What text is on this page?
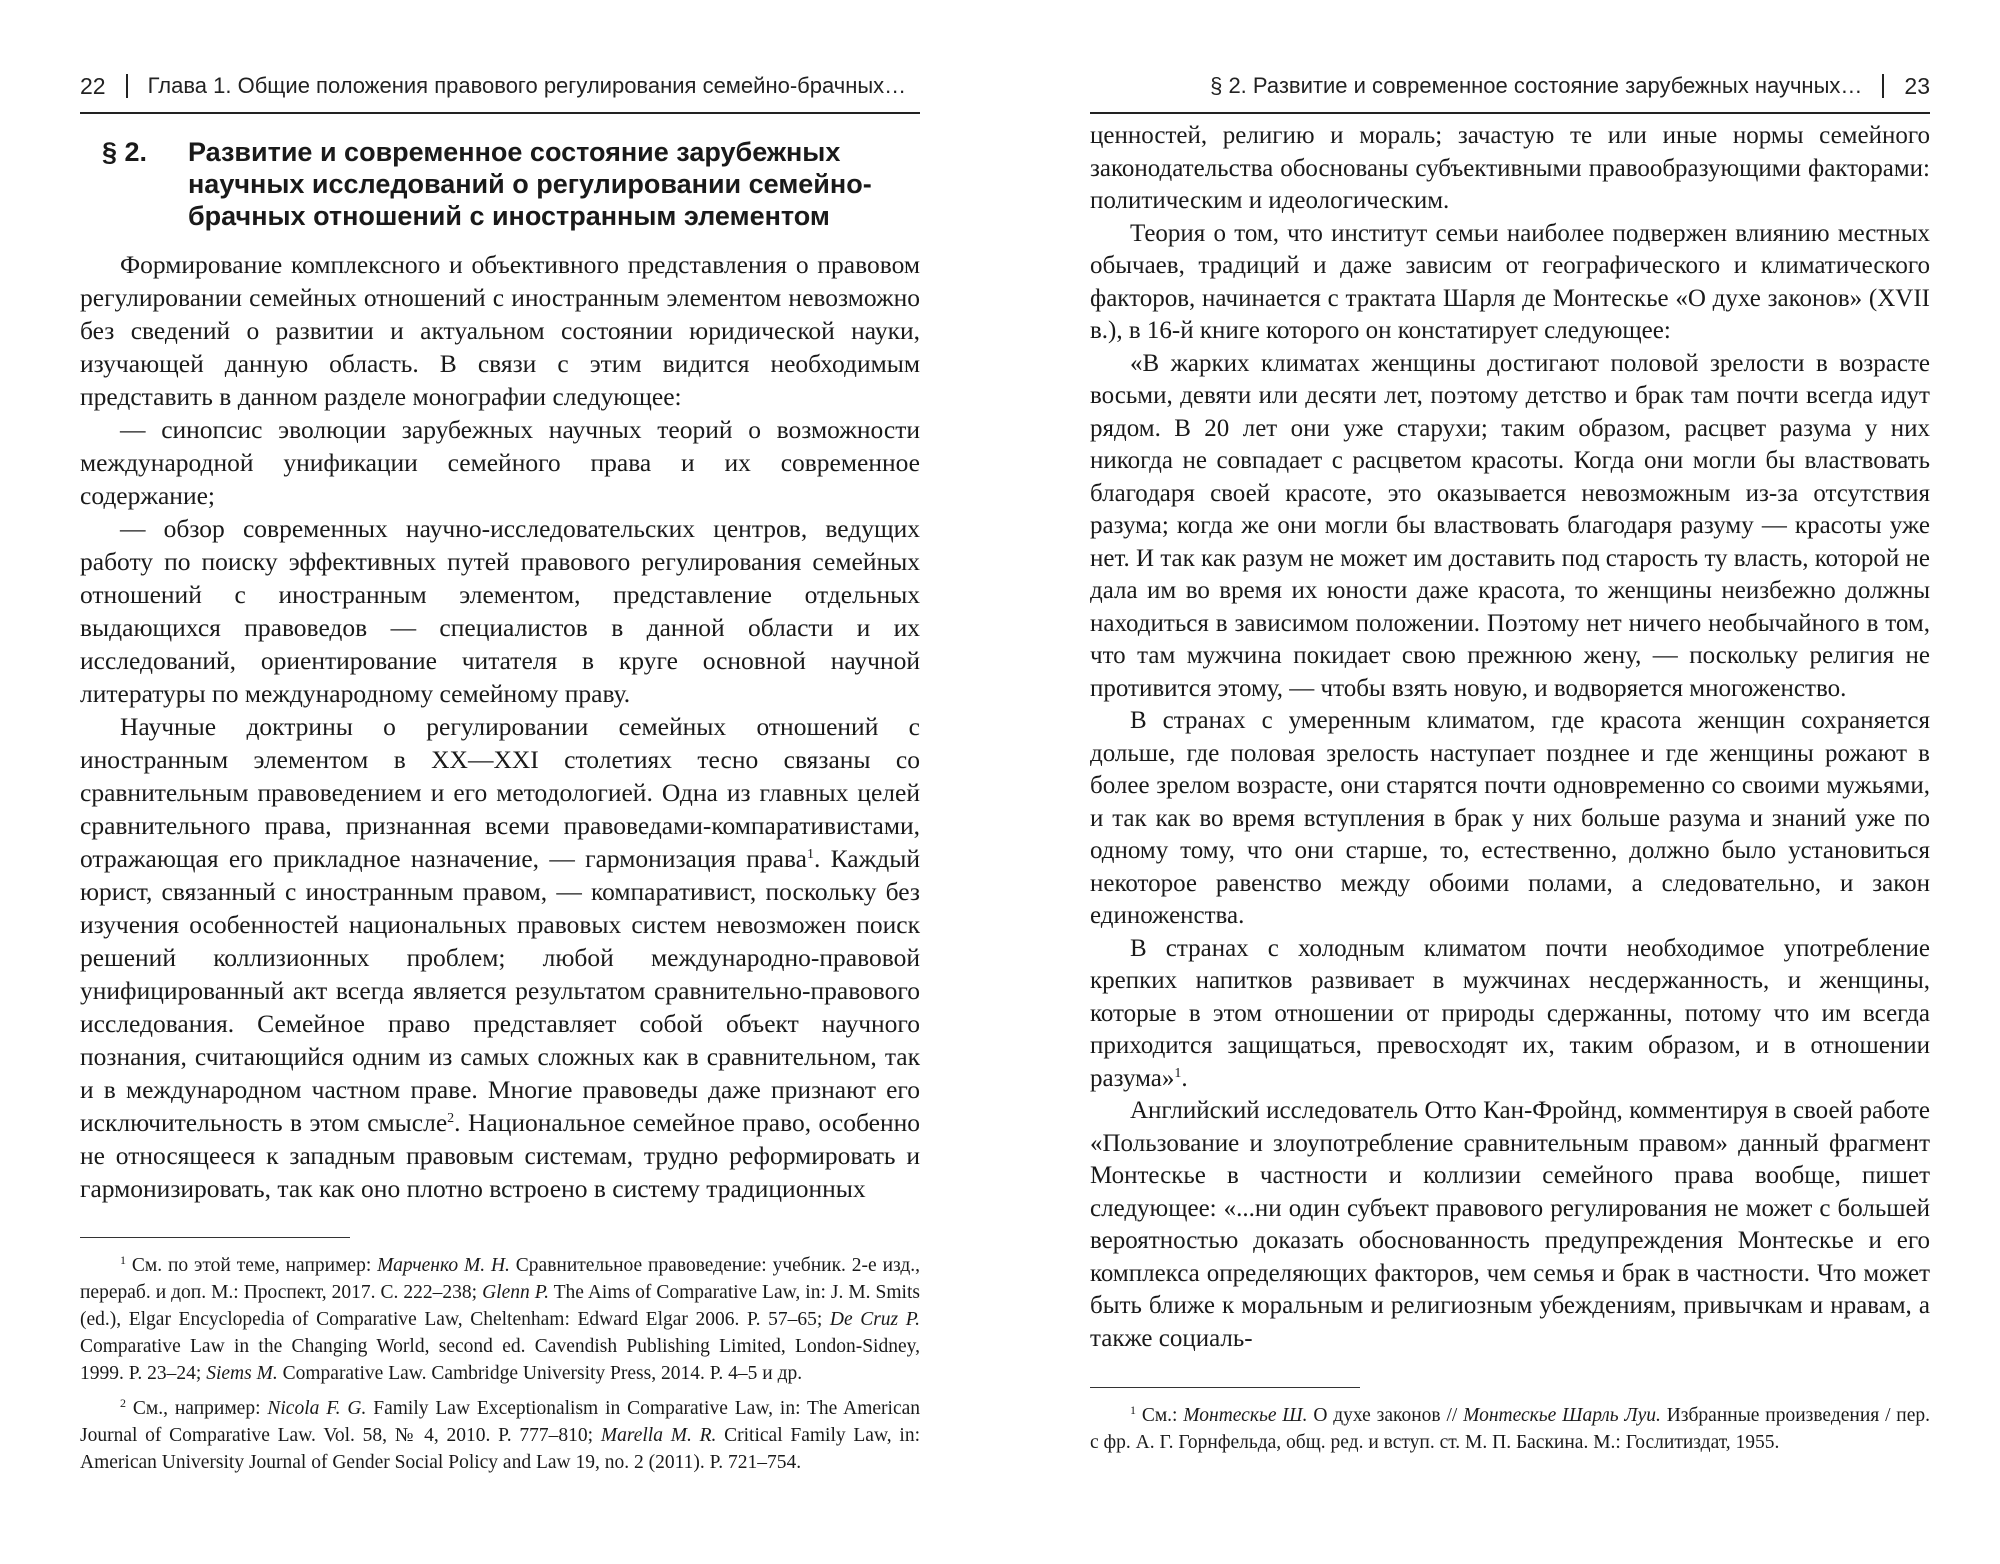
22 Глава 1. Общие положения правового регулирования семейно-брачных…
§ 2.	Развитие и современное состояние зарубежных научных исследований о регулировании семейно-брачных отношений с иностранным элементом

Формирование комплексного и объективного представления о правовом регулировании семейных отношений с иностранным элементом невозможно без сведений о развитии и актуальном состоянии юридической науки, изучающей данную область. В связи с этим видится необходимым представить в данном разделе монографии следующее:

— синопсис эволюции зарубежных научных теорий о возможности международной унификации семейного права и их современное содержание;

— обзор современных научно-исследовательских центров, ведущих работу по поиску эффективных путей правового регулирования семейных отношений с иностранным элементом, представление отдельных выдающихся правоведов — специалистов в данной области и их исследований, ориентирование читателя в круге основной научной литературы по международному семейному праву.

Научные доктрины о регулировании семейных отношений с иностранным элементом в XX—XXI столетиях тесно связаны со сравнительным правоведением и его методологией. Одна из главных целей сравнительного права, признанная всеми правоведами-компаративистами, отражающая его прикладное назначение, — гармонизация права$^1$. Каждый юрист, связанный с иностранным правом, — компаративист, поскольку без изучения особенностей национальных правовых систем невозможен поиск решений коллизионных проблем; любой международно-правовой унифицированный акт всегда является результатом сравнительно-правового исследования. Семейное право представляет собой объект научного познания, считающийся одним из самых сложных как в сравнительном, так и в международном частном праве. Многие правоведы даже признают его исключительность в этом смысле$^2$. Национальное семейное право, особенно не относящееся к западным правовым системам, трудно реформировать и гармонизировать, так как оно плотно встроено в систему традиционных

$^1$ См. по этой теме, например: Марченко М. Н. Сравнительное правоведение: учебник. 2-е изд., перераб. и доп. М.: Проспект, 2017. С. 222–238; Glenn P. The Aims of Comparative Law, in: J. M. Smits (ed.), Elgar Encyclopedia of Comparative Law, Cheltenham: Edward Elgar 2006. P. 57–65; De Cruz P. Comparative Law in the Changing World, second ed. Cavendish Publishing Limited, London-Sidney, 1999. P. 23–24; Siems M. Comparative Law. Cambridge University Press, 2014. P. 4–5 и др.

$^2$ См., например: Nicola F. G. Family Law Exceptionalism in Comparative Law, in: The American Journal of Comparative Law. Vol. 58, № 4, 2010. P. 777–810; Marella M. R. Critical Family Law, in: American University Journal of Gender Social Policy and Law 19, no. 2 (2011). P. 721–754.

§ 2. Развитие и современное состояние зарубежных научных… 23

ценностей, религию и мораль; зачастую те или иные нормы семейного законодательства обоснованы субъективными правообразующими факторами: политическим и идеологическим.

Теория о том, что институт семьи наиболее подвержен влиянию местных обычаев, традиций и даже зависим от географического и климатического факторов, начинается с трактата Шарля де Монтескье «О духе законов» (XVII в.), в 16-й книге которого он констатирует следующее:

«В жарких климатах женщины достигают половой зрелости в возрасте восьми, девяти или десяти лет, поэтому детство и брак там почти всегда идут рядом. В 20 лет они уже старухи; таким образом, расцвет разума у них никогда не совпадает с расцветом красоты. Когда они могли бы властвовать благодаря своей красоте, это оказывается невозможным из-за отсутствия разума; когда же они могли бы властвовать благодаря разуму — красоты уже нет. И так как разум не может им доставить под старость ту власть, которой не дала им во время их юности даже красота, то женщины неизбежно должны находиться в зависимом положении. Поэтому нет ничего необычайного в том, что там мужчина покидает свою прежнюю жену, — поскольку религия не противится этому, — чтобы взять новую, и водворяется многоженство.

В странах с умеренным климатом, где красота женщин сохраняется дольше, где половая зрелость наступает позднее и где женщины рожают в более зрелом возрасте, они старятся почти одновременно со своими мужьями, и так как во время вступления в брак у них больше разума и знаний уже по одному тому, что они старше, то, естественно, должно было установиться некоторое равенство между обоими полами, а следовательно, и закон единоженства.

В странах с холодным климатом почти необходимое употребление крепких напитков развивает в мужчинах несдержанность, и женщины, которые в этом отношении от природы сдержанны, потому что им всегда приходится защищаться, превосходят их, таким образом, и в отношении разума»$^1$.

Английский исследователь Отто Кан-Фройнд, комментируя в своей работе «Пользование и злоупотребление сравнительным правом» данный фрагмент Монтескье в частности и коллизии семейного права вообще, пишет следующее: «...ни один субъект правового регулирования не может с большей вероятностью доказать обоснованность предупреждения Монтескье и его комплекса определяющих факторов, чем семья и брак в частности. Что может быть ближе к моральным и религиозным убеждениям, привычкам и нравам, а также социаль-

$^1$ См.: Монтескье Ш. О духе законов // Монтескье Шарль Луи. Избранные произведения / пер. с фр. А. Г. Горнфельда, общ. ред. и вступ. ст. М. П. Баскина. М.: Гослитиздат, 1955.
